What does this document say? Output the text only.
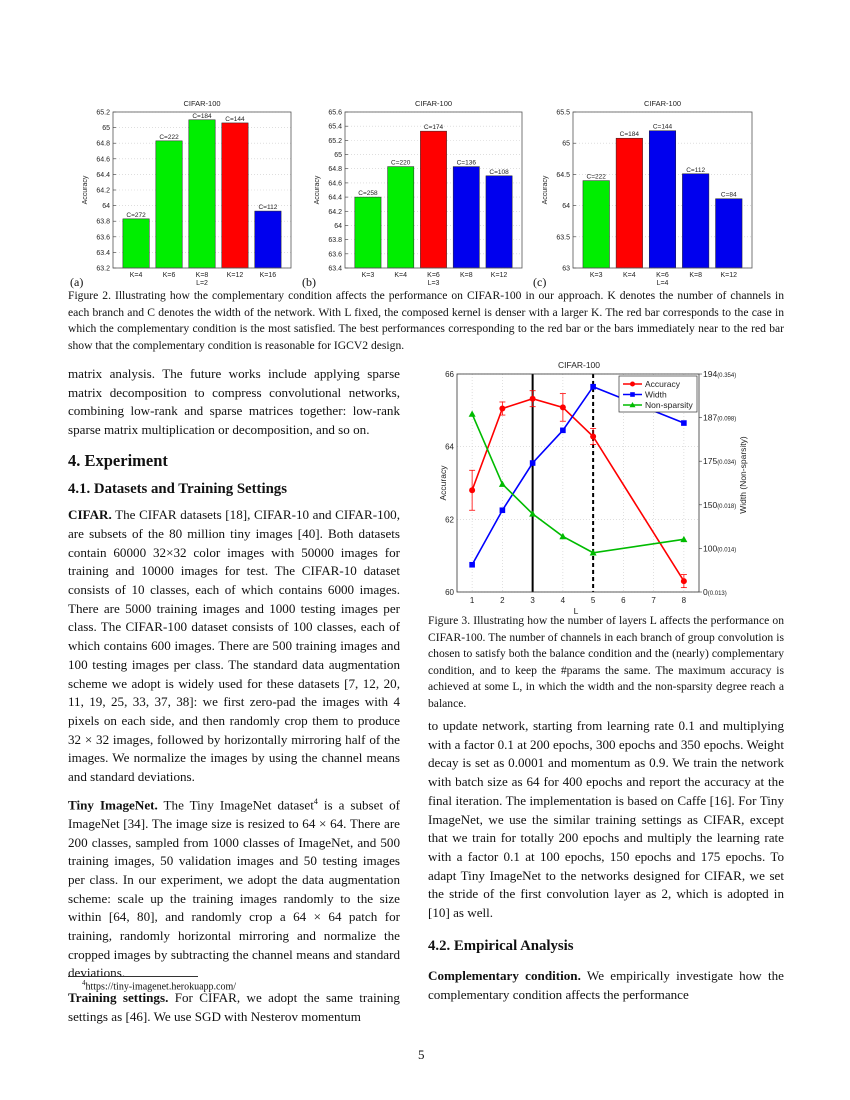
63.2
63.4
63.6
63.8
64
64.2
64.4
64.6
64.8
65
65.2
C=272
K=4
C=222
K=6
C=184
K=8
C=144
K=12
C=112
K=16
L=2
CIFAR-100
Accuracy
(a)
63.4
63.6
63.8
64
64.2
64.4
64.6
64.8
65
65.2
65.4
65.6
C=258
K=3
C=220
K=4
C=174
K=6
C=136
K=8
C=108
K=12
L=3
CIFAR-100
Accuracy
(b)
63
63.5
64
64.5
65
65.5
C=222
K=3
C=184
K=4
C=144
K=6
C=112
K=8
C=84
K=12
L=4
CIFAR-100
Accuracy
(c)
Figure 2. Illustrating how the complementary condition affects the performance on CIFAR-100 in our approach. K denotes the number of channels in each branch and C denotes the width of the network. With L fixed, the composed kernel is denser with a larger K. The red bar corresponds to the case in which the complementary condition is the most satisfied. The best performances corresponding to the red bar or the bars immediately near to the red bar show that the complementary condition is reasonable for IGCV2 design.

matrix analysis. The future works include applying sparse matrix decomposition to compress convolutional networks, combining low-rank and sparse matrices together: low-rank sparse matrix multiplication or decomposition, and so on.

4. Experiment
4.1. Datasets and Training Settings

CIFAR. The CIFAR datasets [18], CIFAR-10 and CIFAR-100, are subsets of the 80 million tiny images [40]. Both datasets contain 60000 32×32 color images with 50000 images for training and 10000 images for test. The CIFAR-10 dataset consists of 10 classes, each of which contains 6000 images. There are 5000 training images and 1000 testing images per class. The CIFAR-100 dataset consists of 100 classes, each of which contains 600 images. There are 500 training images and 100 testing images per class. The standard data augmentation scheme we adopt is widely used for these datasets [7, 12, 20, 11, 19, 25, 33, 37, 38]: we first zero-pad the images with 4 pixels on each side, and then randomly crop them to produce 32 × 32 images, followed by horizontally mirroring half of the images. We normalize the images by using the channel means and standard deviations.

Tiny ImageNet. The Tiny ImageNet dataset$^4$ is a subset of ImageNet [34]. The image size is resized to 64 × 64. There are 200 classes, sampled from 1000 classes of ImageNet, and 500 training images, 50 validation images and 50 testing images per class. In our experiment, we adopt the data augmentation scheme: scale up the training images randomly to the size within [64, 80], and randomly crop a 64 × 64 patch for training, randomly horizontal mirroring and normalize the cropped images by subtracting the channel means and standard deviations.

Training settings. For CIFAR, we adopt the same training settings as [46]. We use SGD with Nesterov momentum

$^4$https://tiny-imagenet.herokuapp.com/
1	2	3	4	5	6	7	8
60
62
64
66
0(0.013)
100(0.014)
150(0.018)
175(0.034)
187(0.098)
194(0.354)
CIFAR-100
L
Accuracy	Width (Non-sparsity)
Accuracy
Width
Non-sparsity
Figure 3. Illustrating how the number of layers L affects the performance on CIFAR-100. The number of channels in each branch of group convolution is chosen to satisfy both the balance condition and the (nearly) complementary condition, and to keep the #params the same. The maximum accuracy is achieved at some L, in which the width and the non-sparsity degree reach a balance.

to update network, starting from learning rate 0.1 and multiplying with a factor 0.1 at 200 epochs, 300 epochs and 350 epochs. Weight decay is set as 0.0001 and momentum as 0.9. We train the network with batch size as 64 for 400 epochs and report the accuracy at the final iteration. The implementation is based on Caffe [16]. For Tiny ImageNet, we use the similar training settings as CIFAR, except that we train for totally 200 epochs and multiply the learning rate with a factor 0.1 at 100 epochs, 150 epochs and 175 epochs. To adapt Tiny ImageNet to the networks designed for CIFAR, we set the stride of the first convolution layer as 2, which is adopted in [10] as well.

4.2. Empirical Analysis

Complementary condition. We empirically investigate how the complementary condition affects the performance

5
